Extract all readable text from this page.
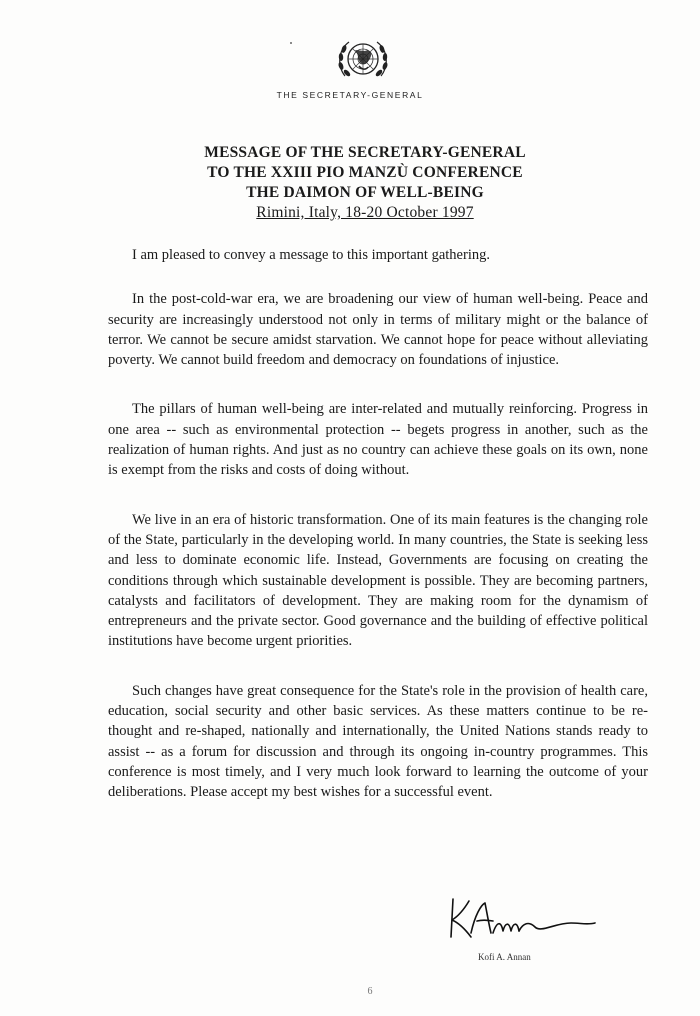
THE SECRETARY-GENERAL
MESSAGE OF THE SECRETARY-GENERAL
TO THE XXIII PIO MANZÙ CONFERENCE
THE DAIMON OF WELL-BEING
Rimini, Italy, 18-20 October 1997

I am pleased to convey a message to this important gathering.

In the post-cold-war era, we are broadening our view of human well-being. Peace and security are increasingly understood not only in terms of military might or the balance of terror. We cannot be secure amidst starvation. We cannot hope for peace without alleviating poverty. We cannot build freedom and democracy on foundations of injustice.

The pillars of human well-being are inter-related and mutually reinforcing. Progress in one area -- such as environmental protection -- begets progress in another, such as the realization of human rights. And just as no country can achieve these goals on its own, none is exempt from the risks and costs of doing without.

We live in an era of historic transformation. One of its main features is the changing role of the State, particularly in the developing world. In many countries, the State is seeking less and less to dominate economic life. Instead, Governments are focusing on creating the conditions through which sustainable development is possible. They are becoming partners, catalysts and facilitators of development. They are making room for the dynamism of entrepreneurs and the private sector. Good governance and the building of effective political institutions have become urgent priorities.

Such changes have great consequence for the State's role in the provision of health care, education, social security and other basic services. As these matters continue to be re-thought and re-shaped, nationally and internationally, the United Nations stands ready to assist -- as a forum for discussion and through its ongoing in-country programmes. This conference is most timely, and I very much look forward to learning the outcome of your deliberations. Please accept my best wishes for a successful event.

Kofi A. Annan
6
